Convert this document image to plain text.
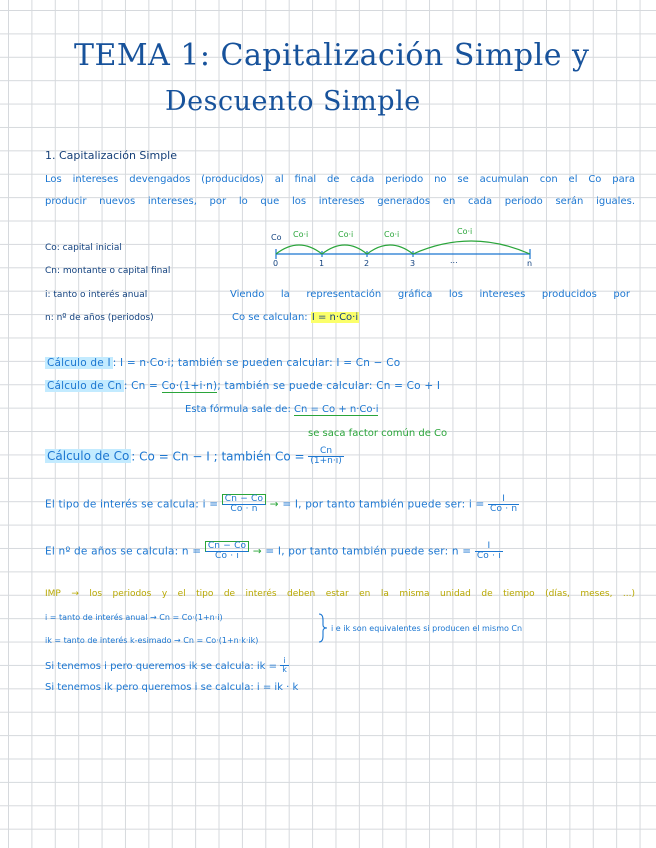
TEMA 1: Capitalización Simple y
Descuento Simple
1. Capitalización Simple
Los intereses devengados (producidos) al final de cada periodo no se acumulan con el Co para
producir nuevos intereses, por lo que los intereses generados en cada periodo serán iguales.
Co: capital inicial
Cn: montante o capital final
i: tanto o interés anual
n: nº de años (periodos)
Co Co·i	Co·i	Co·i	Co·i
0	1	2	3	...	n
Viendo la representación gráfica los intereses producidos por
Co se calculan: I = n·Co·i
Cálculo de I : I = n·Co·i; también se pueden calcular: I = Cn − Co
Cálculo de Cn : Cn = Co·(1+i·n); también se puede calcular: Cn = Co + I
Esta fórmula sale de: Cn = Co + n·Co·i
se saca factor común de Co
Cálculo de Co : Co = Cn − I ; también $Co = \frac{Cn}{(1+n\cdot i)}$
El tipo de interés se calcula: $i = \frac{Cn - Co}{Co \cdot n}$ → = I, por tanto también puede ser: $i = \frac{I}{Co \cdot n}$
El nº de años se calcula: $n = \frac{Cn - Co}{Co \cdot i}$ → = I, por tanto también puede ser: $n = \frac{I}{Co \cdot i}$
IMP → los periodos y el tipo de interés deben estar en la misma unidad de tiempo (días, meses, ...)
i = tanto de interés anual → Cn = Co·(1+n·i)
ik = tanto de interés k-esimado → Cn = Co·(1+n·k·ik)
i e ik son equivalentes si producen el mismo Cn
Si tenemos i pero queremos ik se calcula: ik = $\frac{i}{k}$
Si tenemos ik pero queremos i se calcula: i = ik · k
